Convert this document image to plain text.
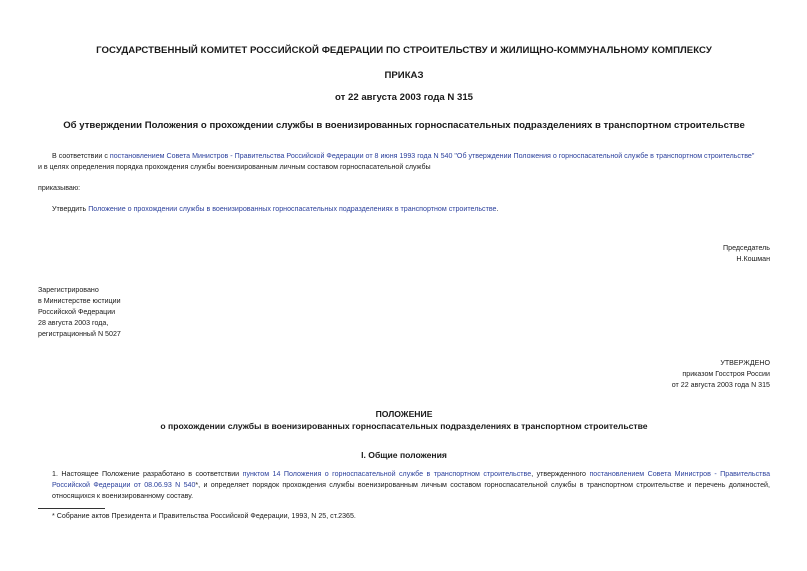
ГОСУДАРСТВЕННЫЙ КОМИТЕТ РОССИЙСКОЙ ФЕДЕРАЦИИ ПО СТРОИТЕЛЬСТВУ И ЖИЛИЩНО-КОММУНАЛЬНОМУ КОМПЛЕКСУ
ПРИКАЗ
от 22 августа 2003 года N 315
Об утверждении Положения о прохождении службы в военизированных горноспасательных подразделениях в транспортном строительстве
В соответствии с постановлением Совета Министров - Правительства Российской Федерации от 8 июня 1993 года N 540 "Об утверждении Положения о горноспасательной службе в транспортном строительстве"
и в целях определения порядка прохождения службы военизированным личным составом горноспасательной службы
приказываю:
Утвердить Положение о прохождении службы в военизированных горноспасательных подразделениях в транспортном строительстве.
Председатель
Н.Кошман
Зарегистрировано
в Министерстве юстиции
Российской Федерации
28 августа 2003 года,
регистрационный N 5027
УТВЕРЖДЕНО
приказом Госстроя России
от 22 августа 2003 года N 315
ПОЛОЖЕНИЕ
о прохождении службы в военизированных горноспасательных подразделениях в транспортном строительстве
I. Общие положения
1. Настоящее Положение разработано в соответствии пунктом 14 Положения о горноспасательной службе в транспортном строительстве, утвержденного постановлением Совета Министров - Правительства Российской Федерации от 08.06.93 N 540*, и определяет порядок прохождения службы военизированным личным составом горноспасательной службы в транспортном строительстве и перечень должностей, относящихся к военизированному составу.
* Собрание актов Президента и Правительства Российской Федерации, 1993, N 25, ст.2365.
